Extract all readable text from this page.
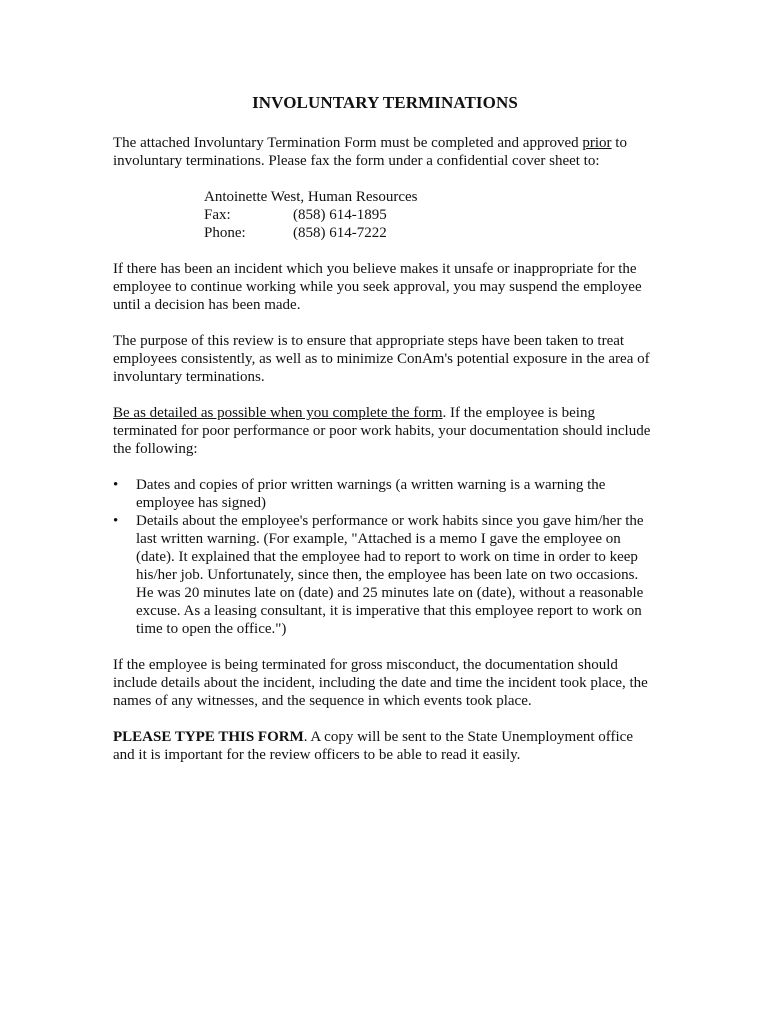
INVOLUNTARY TERMINATIONS

The attached Involuntary Termination Form must be completed and approved prior to involuntary terminations. Please fax the form under a confidential cover sheet to:

Antoinette West, Human Resources
Fax:	(858) 614-1895
Phone:	(858) 614-7222

If there has been an incident which you believe makes it unsafe or inappropriate for the employee to continue working while you seek approval, you may suspend the employee until a decision has been made.

The purpose of this review is to ensure that appropriate steps have been taken to treat employees consistently, as well as to minimize ConAm's potential exposure in the area of involuntary terminations.

Be as detailed as possible when you complete the form. If the employee is being terminated for poor performance or poor work habits, your documentation should include the following:

• Dates and copies of prior written warnings (a written warning is a warning the employee has signed)
• Details about the employee's performance or work habits since you gave him/her the last written warning. (For example, "Attached is a memo I gave the employee on (date). It explained that the employee had to report to work on time in order to keep his/her job. Unfortunately, since then, the employee has been late on two occasions. He was 20 minutes late on (date) and 25 minutes late on (date), without a reasonable excuse. As a leasing consultant, it is imperative that this employee report to work on time to open the office.")

If the employee is being terminated for gross misconduct, the documentation should include details about the incident, including the date and time the incident took place, the names of any witnesses, and the sequence in which events took place.

PLEASE TYPE THIS FORM. A copy will be sent to the State Unemployment office and it is important for the review officers to be able to read it easily.
